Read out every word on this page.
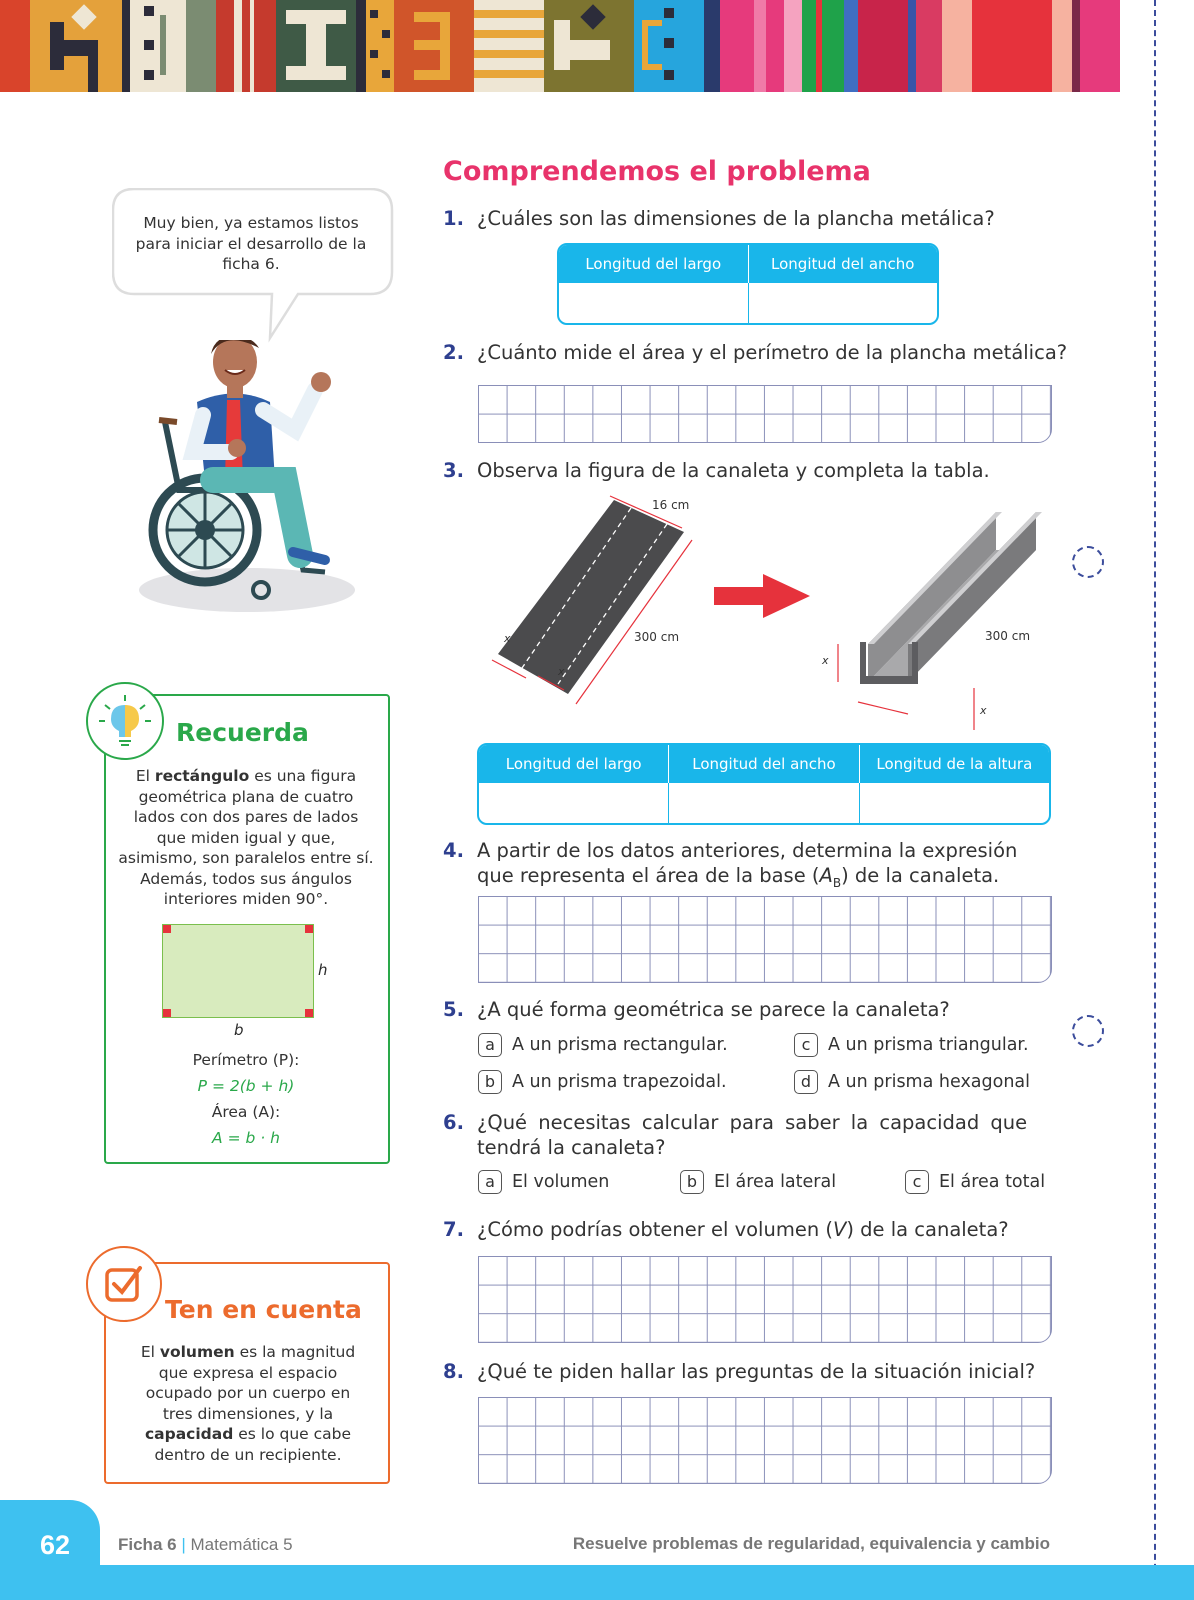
Muy bien, ya estamos listos para iniciar el desarrollo de la ficha 6.
Recuerda
El rectángulo es una figura geométrica plana de cuatro lados con dos pares de lados que miden igual y que, asimismo, son paralelos entre sí. Además, todos sus ángulos interiores miden 90°.
h
b
Perímetro (P):
P = 2(b + h)
Área (A):
A = b · h
Ten en cuenta
El volumen es la magnitud que expresa el espacio ocupado por un cuerpo en tres dimensiones, y la capacidad es lo que cabe dentro de un recipiente.
Comprendemos el problema
1. ¿Cuáles son las dimensiones de la plancha metálica?
Longitud del largo	Longitud del ancho
2. ¿Cuánto mide el área y el perímetro de la plancha metálica?
3. Observa la figura de la canaleta y completa la tabla.
16 cm
300 cm
x
x
300 cm
x
x
Longitud del largo	Longitud del ancho	Longitud de la altura
4. A partir de los datos anteriores, determina la expresión
que representa el área de la base $(A_B)$ de la canaleta.
5. ¿A qué forma geométrica se parece la canaleta?
a A un prisma rectangular.	c	A un prisma triangular.
b A un prisma trapezoidal.	d A un prisma hexagonal
6. ¿Qué necesitas calcular para saber la capacidad que
tendrá la canaleta?
a El volumen	b El área lateral	c	El área total
7. ¿Cómo podrías obtener el volumen (V) de la canaleta?
8. ¿Qué te piden hallar las preguntas de la situación inicial?
62	Ficha 6 | Matemática 5	Resuelve problemas de regularidad, equivalencia y cambio
